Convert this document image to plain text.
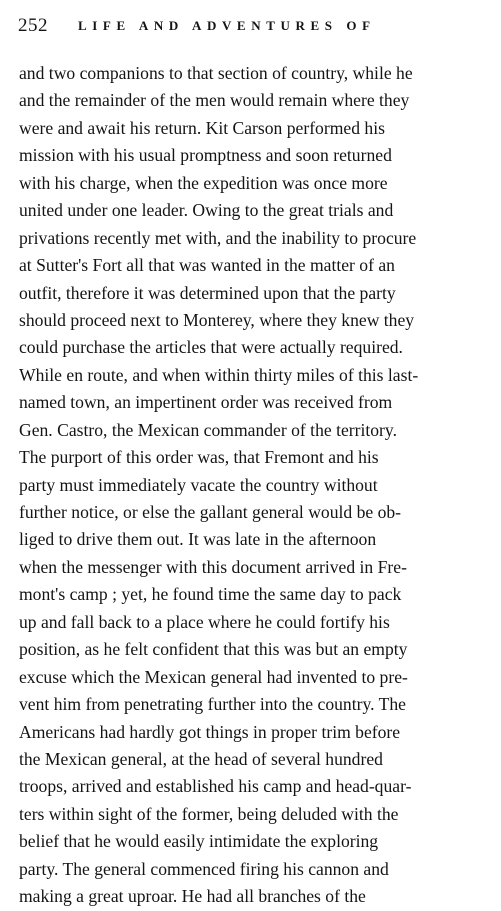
252 LIFE AND ADVENTURES OF
and two companions to that section of country, while he
and the remainder of the men would remain where they
were and await his return. Kit Carson performed his
mission with his usual promptness and soon returned
with his charge, when the expedition was once more
united under one leader. Owing to the great trials and
privations recently met with, and the inability to procure
at Sutter's Fort all that was wanted in the matter of an
outfit, therefore it was determined upon that the party
should proceed next to Monterey, where they knew they
could purchase the articles that were actually required.
While en route, and when within thirty miles of this last-
named town, an impertinent order was received from
Gen. Castro, the Mexican commander of the territory.
The purport of this order was, that Fremont and his
party must immediately vacate the country without
further notice, or else the gallant general would be ob-
liged to drive them out. It was late in the afternoon
when the messenger with this document arrived in Fre-
mont's camp ; yet, he found time the same day to pack
up and fall back to a place where he could fortify his
position, as he felt confident that this was but an empty
excuse which the Mexican general had invented to pre-
vent him from penetrating further into the country. The
Americans had hardly got things in proper trim before
the Mexican general, at the head of several hundred
troops, arrived and established his camp and head-quar-
ters within sight of the former, being deluded with the
belief that he would easily intimidate the exploring
party. The general commenced firing his cannon and
making a great uproar. He had all branches of the
